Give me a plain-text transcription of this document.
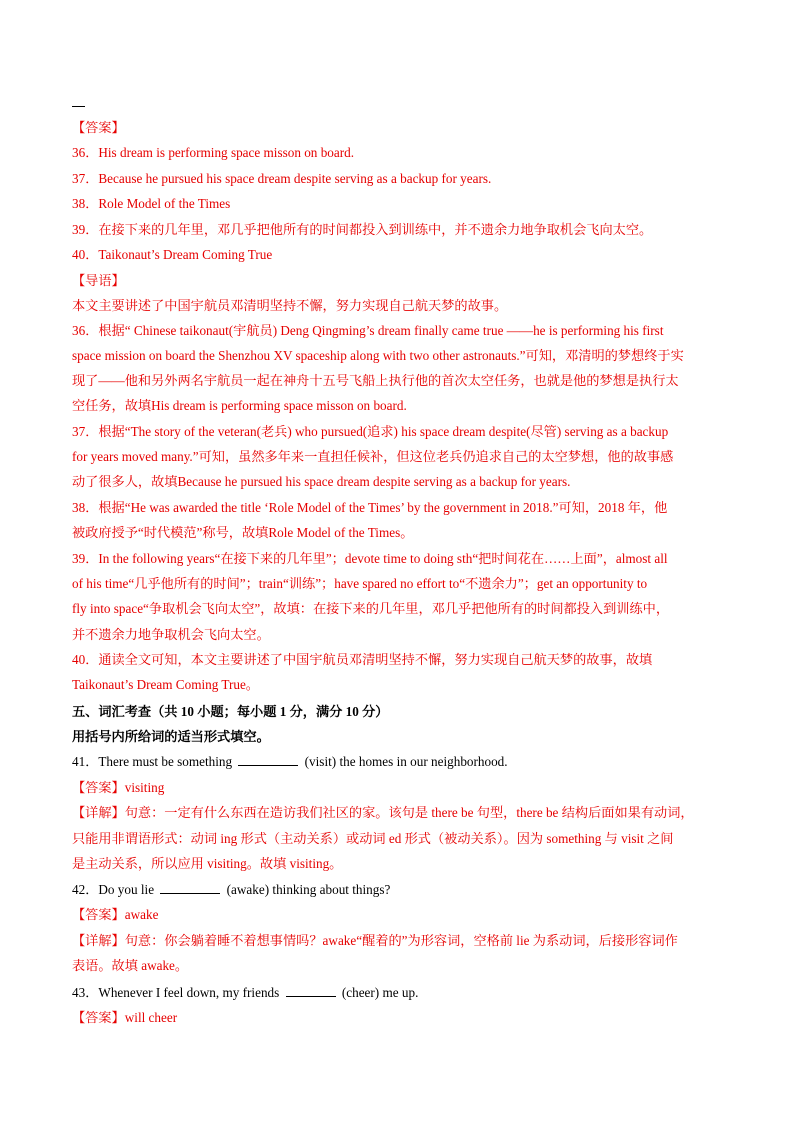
【答案】
36．His dream is performing space misson on board.
37．Because he pursued his space dream despite serving as a backup for years.
38．Role Model of the Times
39．在接下来的几年里，邓几乎把他所有的时间都投入到训练中，并不遗余力地争取机会飞向太空。
40．Taikonaut’s Dream Coming True
【导语】
本文主要讲述了中国宇航员邓清明坚持不懈，努力实现自己航天梦的故事。
36．根据“ Chinese taikonaut(宇航员) Deng Qingming’s dream finally came true ——he is performing his first
space mission on board the Shenzhou XV spaceship along with two other astronauts.”可知，邓清明的梦想终于实
现了——他和另外两名宇航员一起在神舟十五号飞船上执行他的首次太空任务，也就是他的梦想是执行太
空任务，故填His dream is performing space misson on board.
37．根据“The story of the veteran(老兵) who pursued(追求) his space dream despite(尽管) serving as a backup
for years moved many.”可知，虽然多年来一直担任候补，但这位老兵仍追求自己的太空梦想，他的故事感
动了很多人，故填Because he pursued his space dream despite serving as a backup for years.
38．根据“He was awarded the title ‘Role Model of the Times’ by the government in 2018.”可知，2018 年，他
被政府授予“时代模范”称号，故填Role Model of the Times。
39．In the following years“在接下来的几年里”；devote time to doing sth“把时间花在……上面”，almost all
of his time“几乎他所有的时间”；train“训练”；have spared no effort to“不遗余力”；get an opportunity to
fly into space“争取机会飞向太空”，故填：在接下来的几年里，邓几乎把他所有的时间都投入到训练中，
并不遗余力地争取机会飞向太空。
40．通读全文可知，本文主要讲述了中国宇航员邓清明坚持不懈，努力实现自己航天梦的故事，故填
Taikonaut’s Dream Coming True。
五、词汇考查（共 10 小题；每小题 1 分，满分 10 分）
用括号内所给词的适当形式填空。
41．There must be something	(visit) the homes in our neighborhood.
【答案】visiting
【详解】句意：一定有什么东西在造访我们社区的家。该句是 there be 句型，there be 结构后面如果有动词，
只能用非谓语形式：动词 ing 形式（主动关系）或动词 ed 形式（被动关系）。因为 something 与 visit 之间
是主动关系，所以应用 visiting。故填 visiting。
42．Do you lie	(awake) thinking about things?
【答案】awake
【详解】句意：你会躺着睡不着想事情吗？awake“醒着的”为形容词，空格前 lie 为系动词，后接形容词作
表语。故填 awake。
43．Whenever I feel down, my friends	(cheer) me up.
【答案】will cheer
